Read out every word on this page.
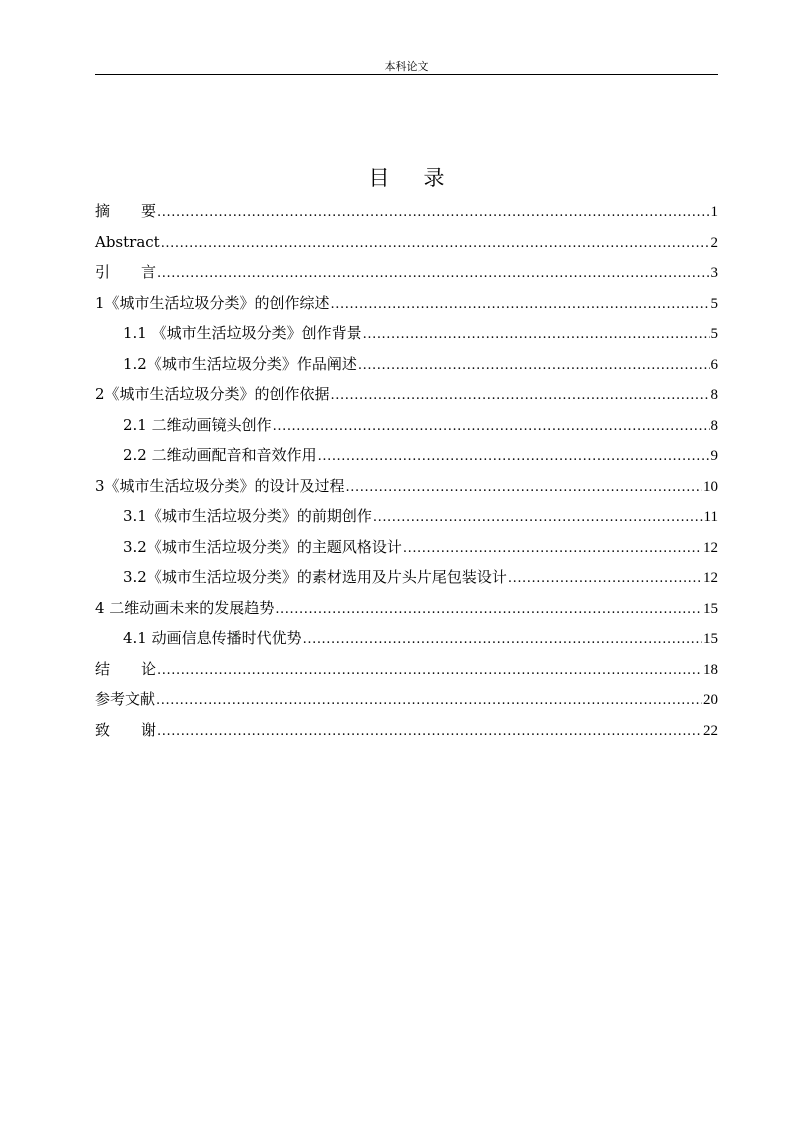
本科论文
目录
摘要 .....	1
Abstract .....	2
引言 .....	3
1《城市生活垃圾分类》的创作综述 .....	5
1.1 《城市生活垃圾分类》创作背景 .....	5
1.2《城市生活垃圾分类》作品阐述 .....	6
2《城市生活垃圾分类》的创作依据 .....	8
2.1 二维动画镜头创作 .....	8
2.2 二维动画配音和音效作用 .....	9
3《城市生活垃圾分类》的设计及过程 .....	10
3.1《城市生活垃圾分类》的前期创作 .....	11
3.2《城市生活垃圾分类》的主题风格设计 .....	12
3.2《城市生活垃圾分类》的素材选用及片头片尾包装设计 .....	12
4 二维动画未来的发展趋势 .....	15
4.1 动画信息传播时代优势 .....	15
结论 .....	18
参考文献 .....	20
致谢 .....	22
